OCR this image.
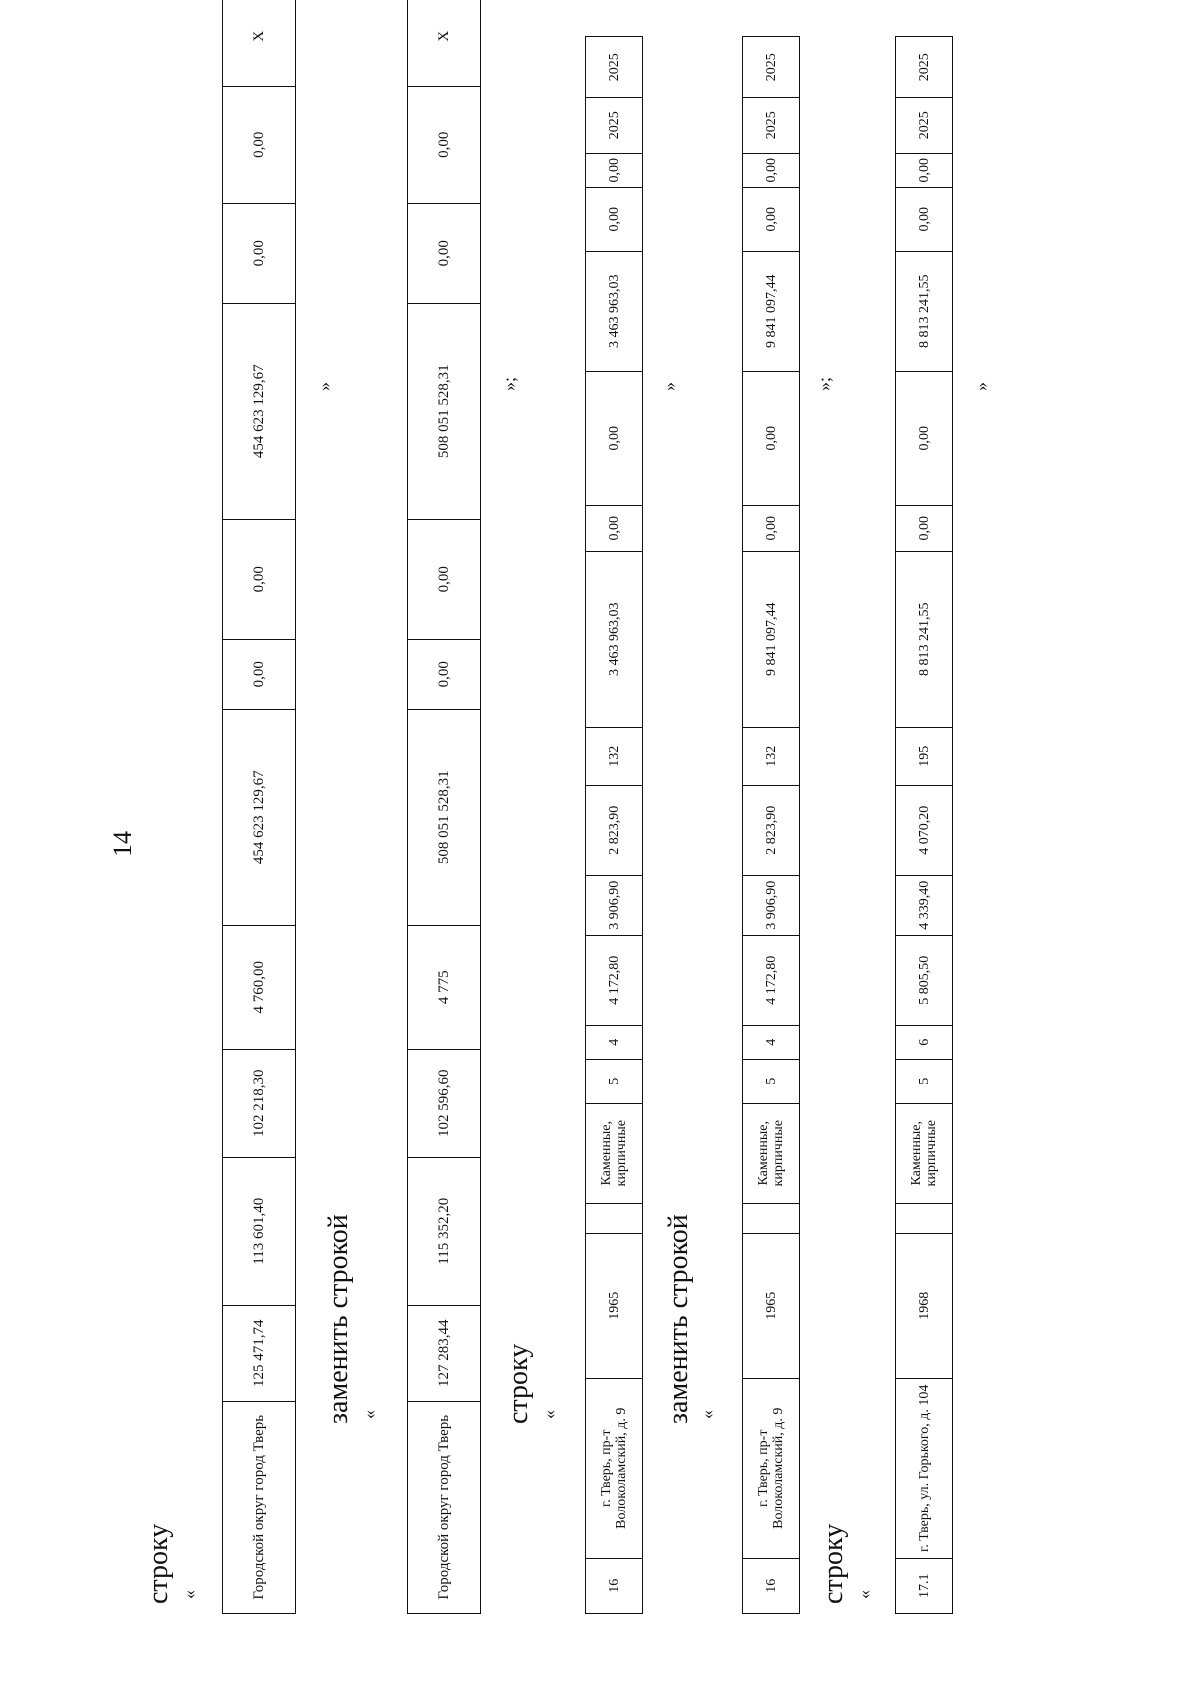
14
строку «	Городской округ город Тверь
125 471,74
113 601,40
102 218,30
4 760,00
454 623 129,67
0,00
0,00
454 623 129,67
0,00
0,00
X
»
заменить строкой «
Городской округ город Тверь
127 283,44
115 352,20
102 596,60
4 775
508 051 528,31
0,00
0,00
508 051 528,31
0,00
0,00
X
»;
строку «
16
г. Тверь, пр-т Волоколамский, д. 9
1965
Каменные, кирпичные
5
4
4 172,80
3 906,90
2 823,90
132
3 463 963,03
0,00
0,00
3 463 963,03
0,00
0,00
2025
2025
»
заменить строкой «
16
г. Тверь, пр-т Волоколамский, д. 9
1965
Каменные, кирпичные
5
4
4 172,80
3 906,90
2 823,90
132
9 841 097,44
0,00
0,00
9 841 097,44
0,00
0,00
2025
2025
»;
строку «	17.1
г. Тверь, ул. Горького, д. 104
1968
Каменные, кирпичные
5
6
5 805,50
4 339,40
4 070,20
195
8 813 241,55
0,00
0,00
8 813 241,55
0,00
0,00
2025
2025
»
